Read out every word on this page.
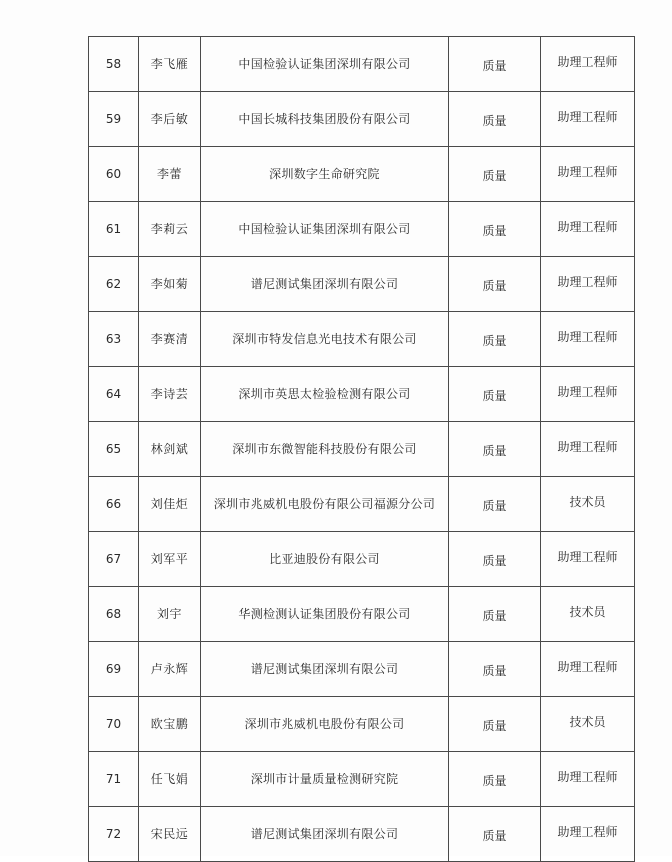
58	李飞雁	中国检验认证集团深圳有限公司	质量	助理工程师
59	李后敏	中国长城科技集团股份有限公司	质量	助理工程师
60	李蕾	深圳数字生命研究院	质量	助理工程师
61	李莉云	中国检验认证集团深圳有限公司	质量	助理工程师
62	李如菊	谱尼测试集团深圳有限公司	质量	助理工程师
63	李赛清	深圳市特发信息光电技术有限公司	质量	助理工程师
64	李诗芸	深圳市英思太检验检测有限公司	质量	助理工程师
65	林剑斌	深圳市东微智能科技股份有限公司	质量	助理工程师
66	刘佳炬	深圳市兆威机电股份有限公司福源分公司	质量	技术员
67	刘军平	比亚迪股份有限公司	质量	助理工程师
68	刘宇	华测检测认证集团股份有限公司	质量	技术员
69	卢永辉	谱尼测试集团深圳有限公司	质量	助理工程师
70	欧宝鹏	深圳市兆威机电股份有限公司	质量	技术员
71	任飞娟	深圳市计量质量检测研究院	质量	助理工程师
72	宋民远	谱尼测试集团深圳有限公司	质量	助理工程师
